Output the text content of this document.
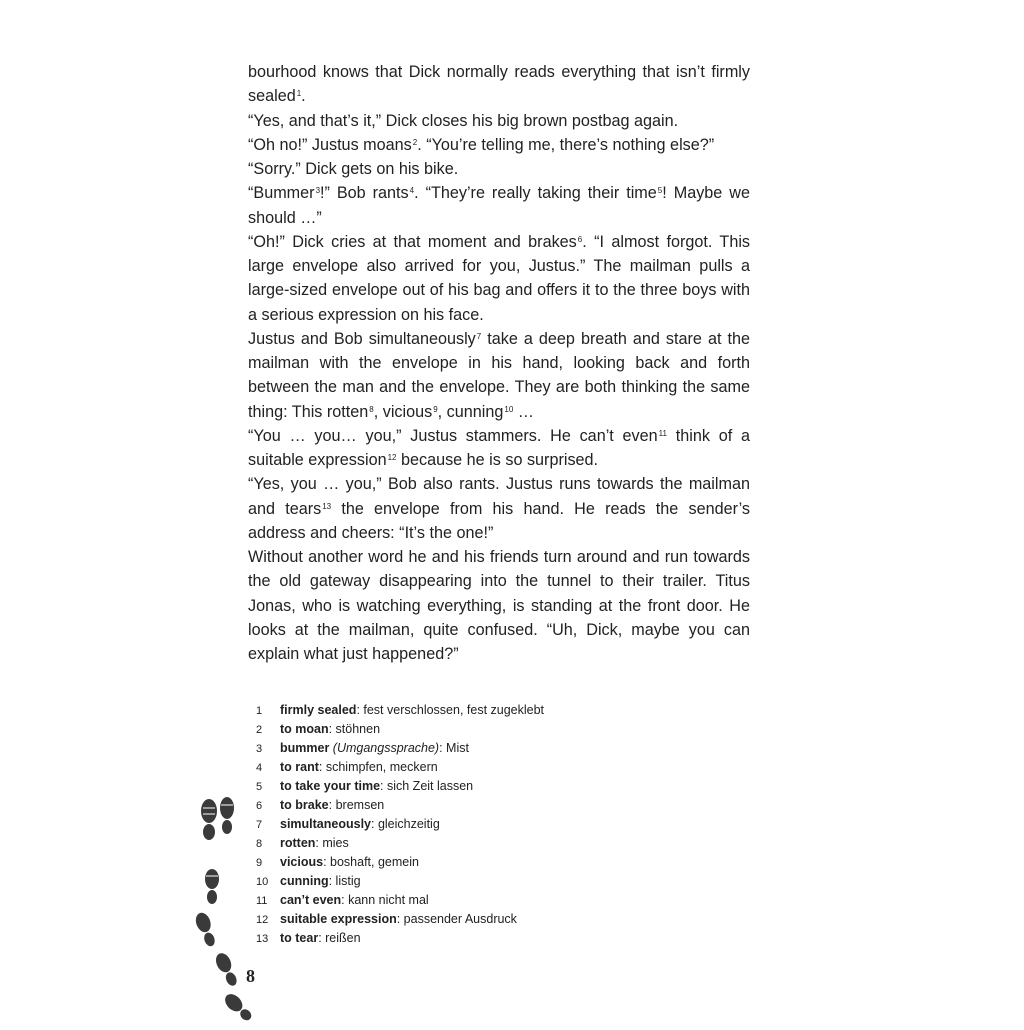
bourhood knows that Dick normally reads everything that isn’t firmly sealed$^1$.

“Yes, and that’s it,” Dick closes his big brown postbag again.

“Oh no!” Justus moans$^2$. “You’re telling me, there’s nothing else?”

“Sorry.” Dick gets on his bike.

“Bummer$^3$!” Bob rants$^4$. “They’re really taking their time$^5$! Maybe we should …”

“Oh!” Dick cries at that moment and brakes$^6$. “I almost forgot. This large envelope also arrived for you, Justus.” The mailman pulls a large-sized envelope out of his bag and offers it to the three boys with a serious expression on his face.

Justus and Bob simultaneously$^7$ take a deep breath and stare at the mailman with the envelope in his hand, looking back and forth between the man and the envelope. They are both thinking the same thing: This rotten$^8$, vicious$^9$, cunning$^{10}$ …

“You … you… you,” Justus stammers. He can’t even$^{11}$ think of a suitable expression$^{12}$ because he is so surprised.

“Yes, you … you,” Bob also rants. Justus runs towards the mailman and tears$^{13}$ the envelope from his hand. He reads the sender’s address and cheers: “It’s the one!”

Without another word he and his friends turn around and run towards the old gateway disappearing into the tunnel to their trailer. Titus Jonas, who is watching everything, is standing at the front door. He looks at the mailman, quite confused. “Uh, Dick, maybe you can explain what just happened?”

1	firmly sealed: fest verschlossen, fest zugeklebt
2	to moan: stöhnen
3	bummer (Umgangssprache): Mist
4	to rant: schimpfen, meckern
5	to take your time: sich Zeit lassen
6	to brake: bremsen
7	simultaneously: gleichzeitig
8	rotten: mies
9	vicious: boshaft, gemein
10 cunning: listig
11	can’t even: kann nicht mal
12 suitable expression: passender Ausdruck
13 to tear: reißen
8
